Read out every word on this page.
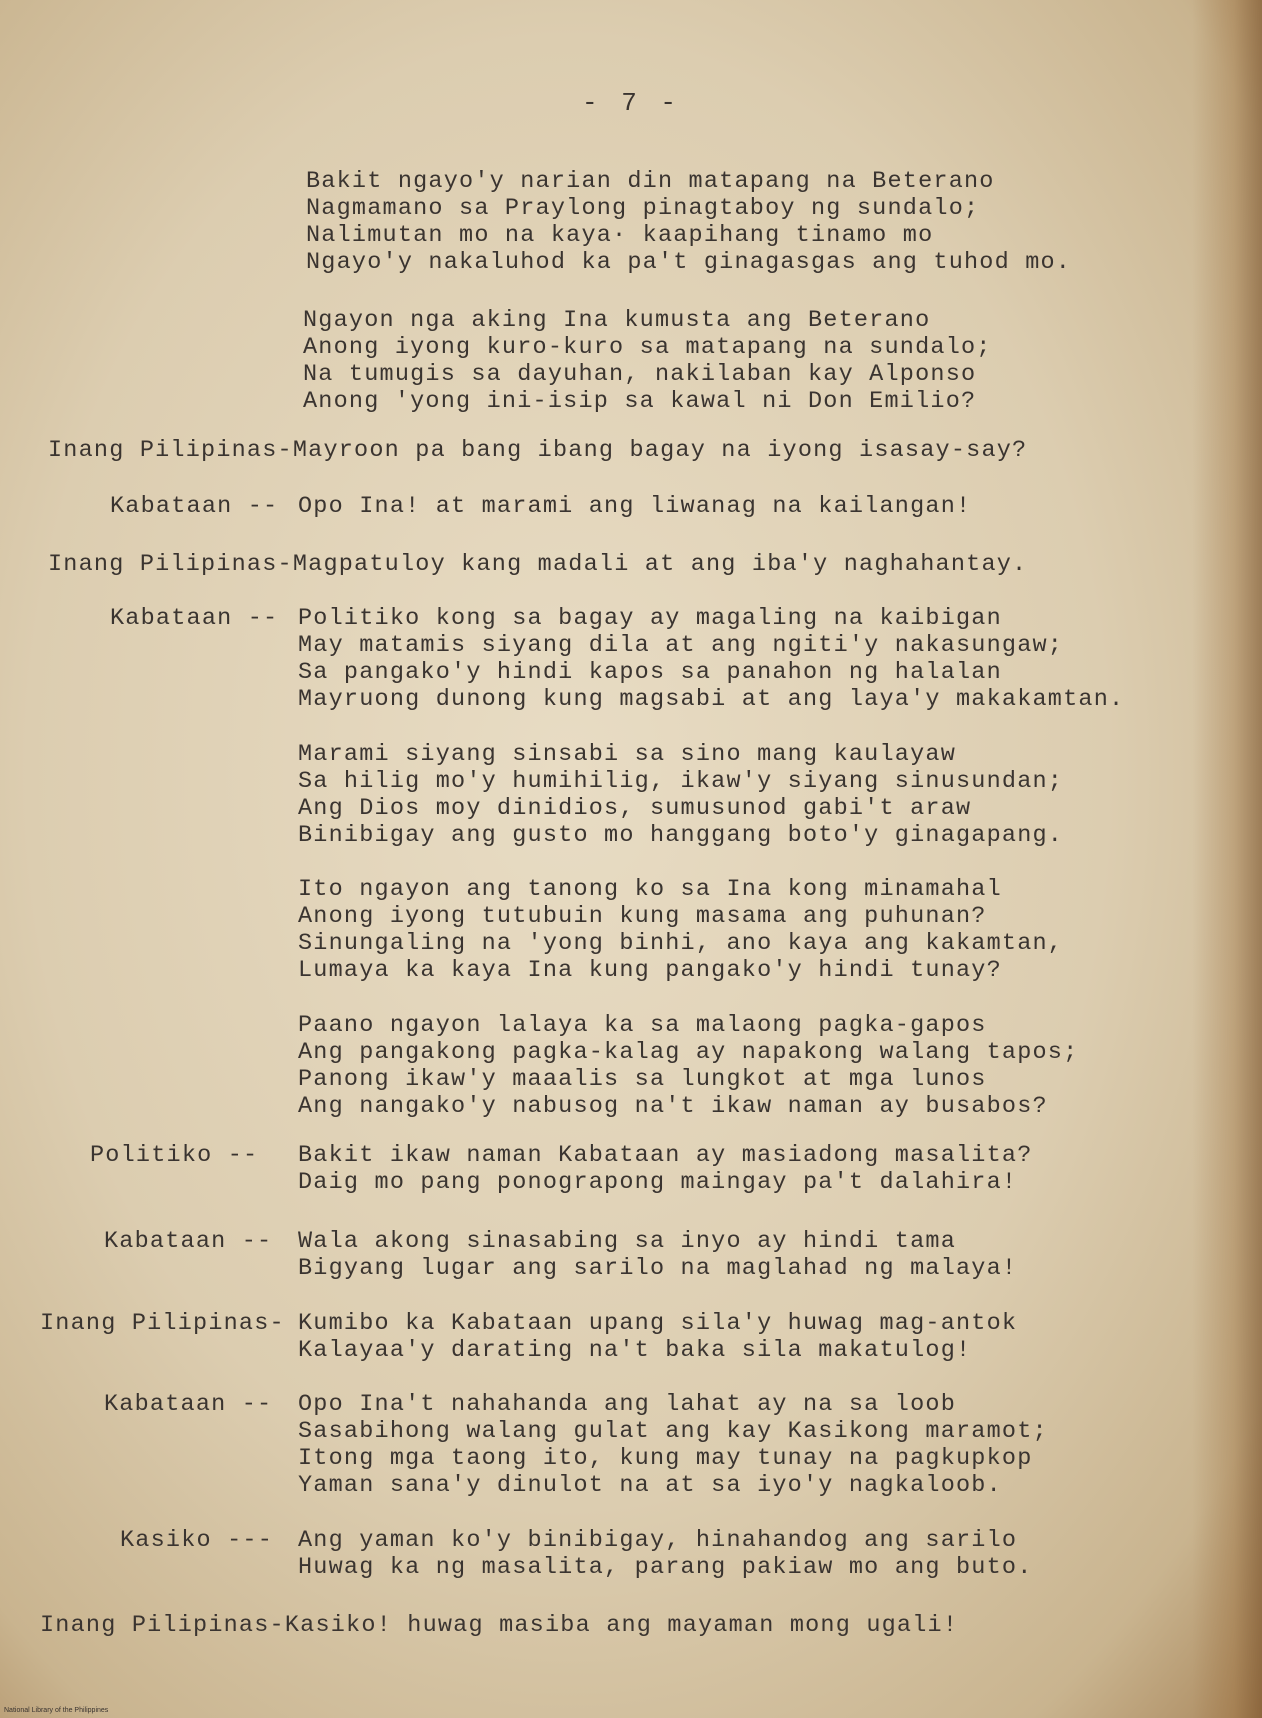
- 7 -
Bakit ngayo'y narian din matapang na Beterano
Nagmamano sa Praylong pinagtaboy ng sundalo;
Nalimutan mo na kaya· kaapihang tinamo mo
Ngayo'y nakaluhod ka pa't ginagasgas ang tuhod mo.
Ngayon nga aking Ina kumusta ang Beterano
Anong iyong kuro-kuro sa matapang na sundalo;
Na tumugis sa dayuhan, nakilaban kay Alponso
Anong 'yong ini-isip sa kawal ni Don Emilio?
Inang Pilipinas-Mayroon pa bang ibang bagay na iyong isasay-say?
Kabataan -- Opo Ina! at marami ang liwanag na kailangan!
Inang Pilipinas-Magpatuloy kang madali at ang iba'y naghahantay.
Kabataan -- Politiko kong sa bagay ay magaling na kaibigan
May matamis siyang dila at ang ngiti'y nakasungaw;
Sa pangako'y hindi kapos sa panahon ng halalan
Mayruong dunong kung magsabi at ang laya'y makakamtan.
Marami siyang sinsabi sa sino mang kaulayaw
Sa hilig mo'y humihilig, ikaw'y siyang sinusundan;
Ang Dios moy dinidios, sumusunod gabi't araw
Binibigay ang gusto mo hanggang boto'y ginagapang.
Ito ngayon ang tanong ko sa Ina kong minamahal
Anong iyong tutubuin kung masama ang puhunan?
Sinungaling na 'yong binhi, ano kaya ang kakamtan,
Lumaya ka kaya Ina kung pangako'y hindi tunay?
Paano ngayon lalaya ka sa malaong pagka-gapos
Ang pangakong pagka-kalag ay napakong walang tapos;
Panong ikaw'y maaalis sa lungkot at mga lunos
Ang nangako'y nabusog na't ikaw naman ay busabos?
Politiko -- Bakit ikaw naman Kabataan ay masiadong masalita?
Daig mo pang ponograpong maingay pa't dalahira!
Kabataan -- Wala akong sinasabing sa inyo ay hindi tama
Bigyang lugar ang sarilo na maglahad ng malaya!
Inang Pilipinas- Kumibo ka Kabataan upang sila'y huwag mag-antok
Kalayaa'y darating na't baka sila makatulog!
Kabataan -- Opo Ina't nahahanda ang lahat ay na sa loob
Sasabihong walang gulat ang kay Kasikong maramot;
Itong mga taong ito, kung may tunay na pagkupkop
Yaman sana'y dinulot na at sa iyo'y nagkaloob.
Kasiko --- Ang yaman ko'y binibigay, hinahandog ang sarilo
Huwag ka ng masalita, parang pakiaw mo ang buto.
Inang Pilipinas-Kasiko! huwag masiba ang mayaman mong ugali!
National Library of the Philippines
